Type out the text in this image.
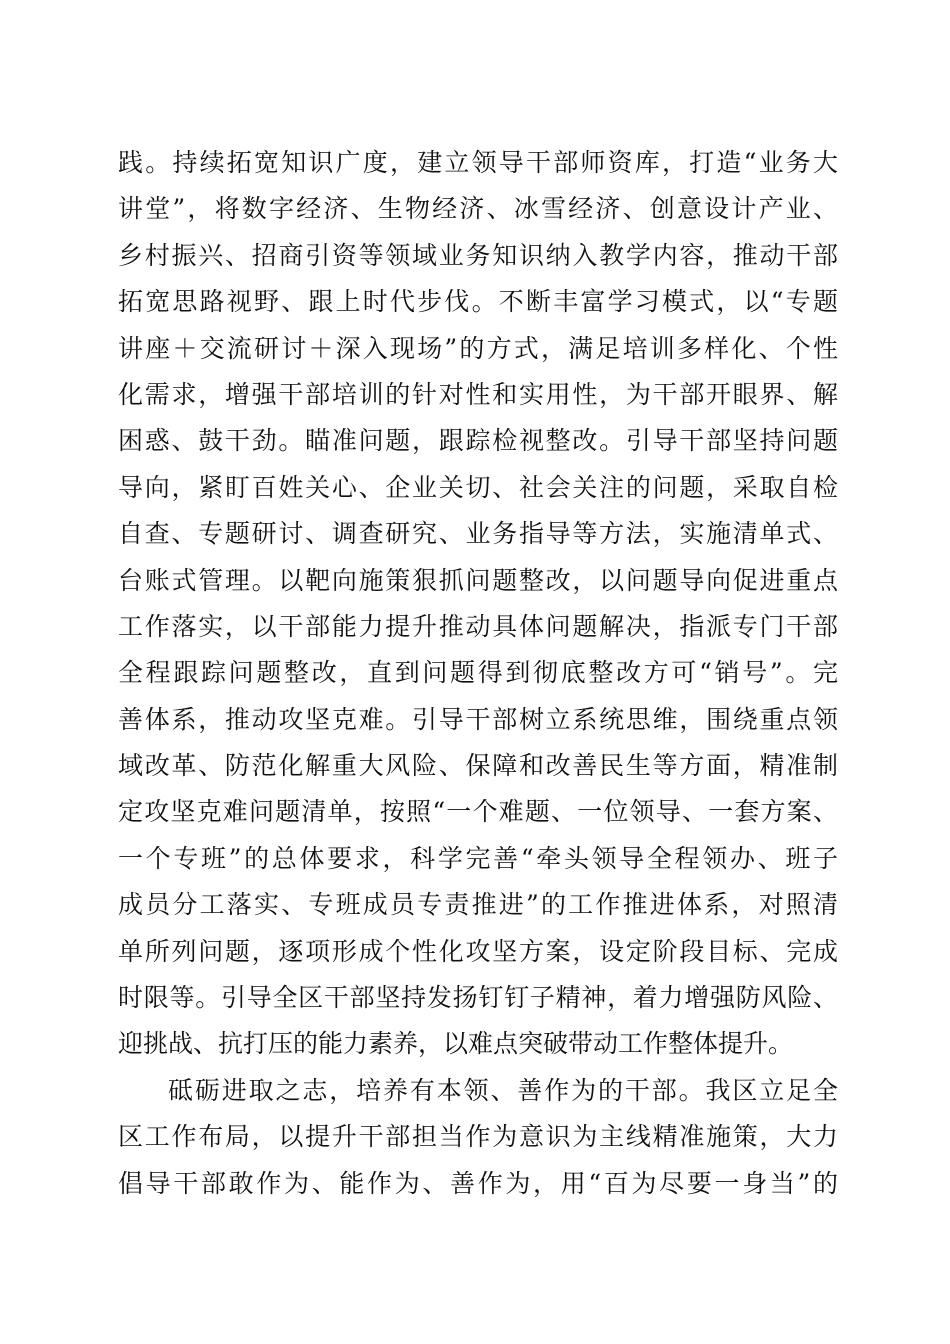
践。持续拓宽知识广度，建立领导干部师资库，打造“业务大
讲堂”，将数字经济、生物经济、冰雪经济、创意设计产业、
乡村振兴、招商引资等领域业务知识纳入教学内容，推动干部
拓宽思路视野、跟上时代步伐。不断丰富学习模式，以“专题
讲座＋交流研讨＋深入现场”的方式，满足培训多样化、个性
化需求，增强干部培训的针对性和实用性，为干部开眼界、解
困惑、鼓干劲。瞄准问题，跟踪检视整改。引导干部坚持问题
导向，紧盯百姓关心、企业关切、社会关注的问题，采取自检
自查、专题研讨、调查研究、业务指导等方法，实施清单式、
台账式管理。以靶向施策狠抓问题整改，以问题导向促进重点
工作落实，以干部能力提升推动具体问题解决，指派专门干部
全程跟踪问题整改，直到问题得到彻底整改方可“销号”。完
善体系，推动攻坚克难。引导干部树立系统思维，围绕重点领
域改革、防范化解重大风险、保障和改善民生等方面，精准制
定攻坚克难问题清单，按照“一个难题、一位领导、一套方案、
一个专班”的总体要求，科学完善“牵头领导全程领办、班子
成员分工落实、专班成员专责推进”的工作推进体系，对照清
单所列问题，逐项形成个性化攻坚方案，设定阶段目标、完成
时限等。引导全区干部坚持发扬钉钉子精神，着力增强防风险、
迎挑战、抗打压的能力素养，以难点突破带动工作整体提升。
砥砺进取之志，培养有本领、善作为的干部。我区立足全
区工作布局，以提升干部担当作为意识为主线精准施策，大力
倡导干部敢作为、能作为、善作为，用“百为尽要一身当”的
